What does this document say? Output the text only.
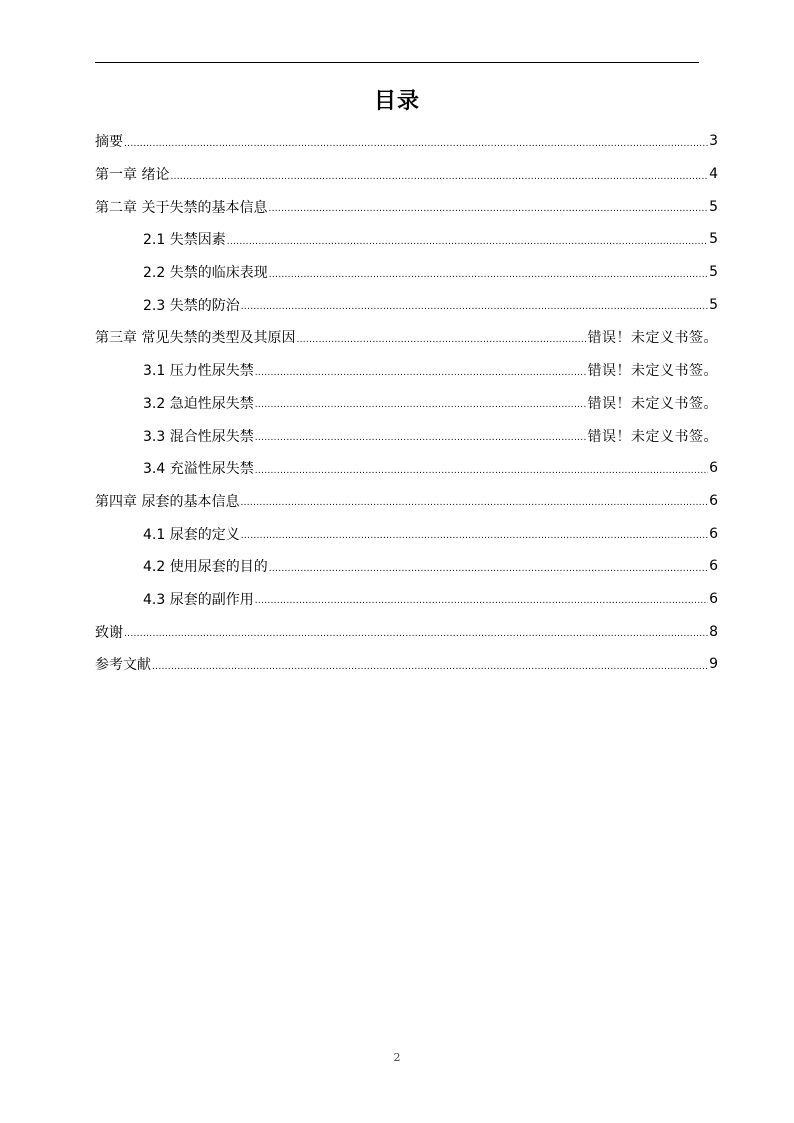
目录
摘要 .....	3
第一章 绪论 .....	4
第二章 关于失禁的基本信息 .....	5
2.1 失禁因素 .....	5
2.2 失禁的临床表现 .....	5
2.3 失禁的防治 .....	5
第三章 常见失禁的类型及其原因 .....	错误！未定义书签。
3.1 压力性尿失禁 .....	错误！未定义书签。
3.2 急迫性尿失禁 .....	错误！未定义书签。
3.3 混合性尿失禁 .....	错误！未定义书签。
3.4 充溢性尿失禁 .....	6
第四章 尿套的基本信息 .....	6
4.1 尿套的定义 .....	6
4.2 使用尿套的目的 .....	6
4.3 尿套的副作用 .....	6
致谢 .....	8
参考文献 .....	9
2
